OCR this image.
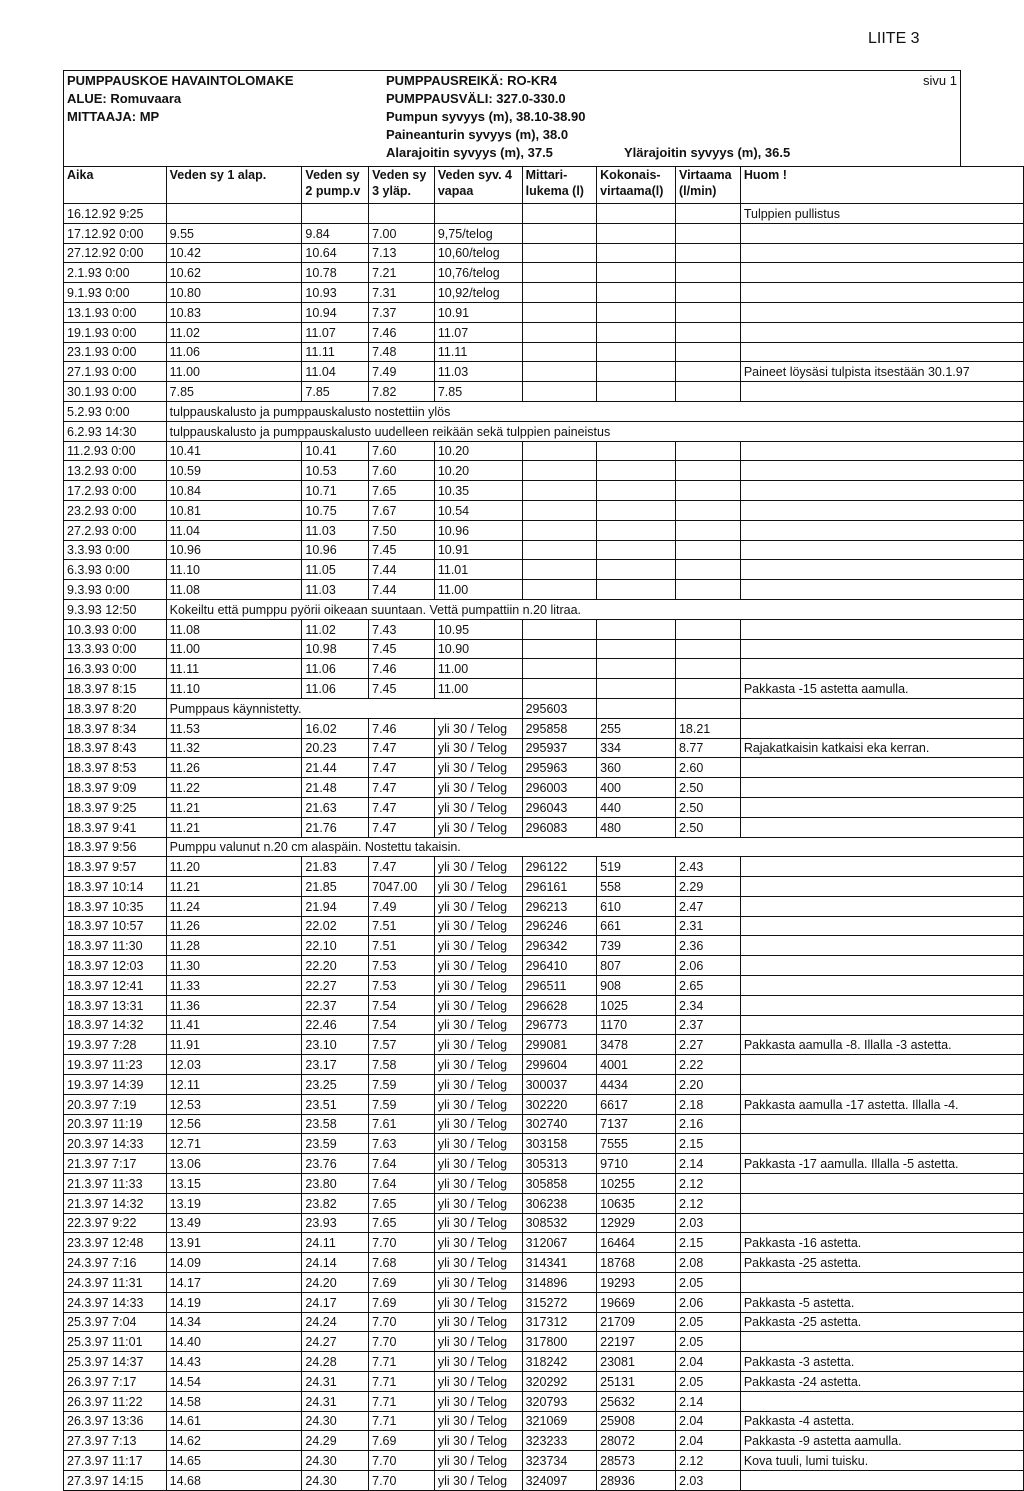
LIITE 3
PUMPPAUSKOE HAVAINTOLOMAKE
ALUE: Romuvaara
MITTAAJA: MP
PUMPPAUSREIKÄ: RO-KR4
PUMPPAUSVÄLI: 327.0-330.0
Pumpun syvyys (m), 38.10-38.90
Paineanturin syvyys (m), 38.0
Alarajoitin syvyys (m), 37.5	Ylärajoitin syvyys (m), 36.5
sivu 1
Aika	Veden sy 1 alap.	Veden sy 2 pump.v	Veden sy 3 yläp.	Veden syv. 4 vapaa	Mittari- lukema (l)	Kokonais- virtaama(l)	Virtaama (l/min)	Huom !
16.12.92 9:25								Tulppien pullistus
17.12.92 0:00	9.55	9.84	7.00	9,75/telog				
27.12.92 0:00	10.42	10.64	7.13	10,60/telog				
2.1.93 0:00	10.62	10.78	7.21	10,76/telog				
9.1.93 0:00	10.80	10.93	7.31	10,92/telog				
13.1.93 0:00	10.83	10.94	7.37	10.91				
19.1.93 0:00	11.02	11.07	7.46	11.07				
23.1.93 0:00	11.06	11.11	7.48	11.11				
27.1.93 0:00	11.00	11.04	7.49	11.03				Paineet löysäsi tulpista itsestään 30.1.97
30.1.93 0:00	7.85	7.85	7.82	7.85				
5.2.93 0:00	tulppauskalusto ja pumppauskalusto nostettiin ylös							
6.2.93 14:30	tulppauskalusto ja pumppauskalusto uudelleen reikään sekä tulppien paineistus							
11.2.93 0:00	10.41	10.41	7.60	10.20				
13.2.93 0:00	10.59	10.53	7.60	10.20				
17.2.93 0:00	10.84	10.71	7.65	10.35				
23.2.93 0:00	10.81	10.75	7.67	10.54				
27.2.93 0:00	11.04	11.03	7.50	10.96				
3.3.93 0:00	10.96	10.96	7.45	10.91				
6.3.93 0:00	11.10	11.05	7.44	11.01				
9.3.93 0:00	11.08	11.03	7.44	11.00				
9.3.93 12:50	Kokeiltu että pumppu pyörii oikeaan suuntaan. Vettä pumpattiin n.20 litraa.							
10.3.93 0:00	11.08	11.02	7.43	10.95				
13.3.93 0:00	11.00	10.98	7.45	10.90				
16.3.93 0:00	11.11	11.06	7.46	11.00				
18.3.97 8:15	11.10	11.06	7.45	11.00				Pakkasta -15 astetta aamulla.
18.3.97 8:20	Pumppaus käynnistetty.				295603			
18.3.97 8:34	11.53	16.02	7.46	yli 30 / Telog	295858	255	18.21	
18.3.97 8:43	11.32	20.23	7.47	yli 30 / Telog	295937	334	8.77	Rajakatkaisin katkaisi eka kerran.
18.3.97 8:53	11.26	21.44	7.47	yli 30 / Telog	295963	360	2.60	
18.3.97 9:09	11.22	21.48	7.47	yli 30 / Telog	296003	400	2.50	
18.3.97 9:25	11.21	21.63	7.47	yli 30 / Telog	296043	440	2.50	
18.3.97 9:41	11.21	21.76	7.47	yli 30 / Telog	296083	480	2.50	
18.3.97 9:56	Pumppu valunut n.20 cm alaspäin. Nostettu takaisin.							
18.3.97 9:57	11.20	21.83	7.47	yli 30 / Telog	296122	519	2.43	
18.3.97 10:14	11.21	21.85	7047.00	yli 30 / Telog	296161	558	2.29	
18.3.97 10:35	11.24	21.94	7.49	yli 30 / Telog	296213	610	2.47	
18.3.97 10:57	11.26	22.02	7.51	yli 30 / Telog	296246	661	2.31	
18.3.97 11:30	11.28	22.10	7.51	yli 30 / Telog	296342	739	2.36	
18.3.97 12:03	11.30	22.20	7.53	yli 30 / Telog	296410	807	2.06	
18.3.97 12:41	11.33	22.27	7.53	yli 30 / Telog	296511	908	2.65	
18.3.97 13:31	11.36	22.37	7.54	yli 30 / Telog	296628	1025	2.34	
18.3.97 14:32	11.41	22.46	7.54	yli 30 / Telog	296773	1170	2.37	
19.3.97 7:28	11.91	23.10	7.57	yli 30 / Telog	299081	3478	2.27	Pakkasta aamulla -8. Illalla -3 astetta.
19.3.97 11:23	12.03	23.17	7.58	yli 30 / Telog	299604	4001	2.22	
19.3.97 14:39	12.11	23.25	7.59	yli 30 / Telog	300037	4434	2.20	
20.3.97 7:19	12.53	23.51	7.59	yli 30 / Telog	302220	6617	2.18	Pakkasta aamulla -17 astetta. Illalla -4.
20.3.97 11:19	12.56	23.58	7.61	yli 30 / Telog	302740	7137	2.16	
20.3.97 14:33	12.71	23.59	7.63	yli 30 / Telog	303158	7555	2.15	
21.3.97 7:17	13.06	23.76	7.64	yli 30 / Telog	305313	9710	2.14	Pakkasta -17 aamulla. Illalla -5 astetta.
21.3.97 11:33	13.15	23.80	7.64	yli 30 / Telog	305858	10255	2.12	
21.3.97 14:32	13.19	23.82	7.65	yli 30 / Telog	306238	10635	2.12	
22.3.97 9:22	13.49	23.93	7.65	yli 30 / Telog	308532	12929	2.03	
23.3.97 12:48	13.91	24.11	7.70	yli 30 / Telog	312067	16464	2.15	Pakkasta -16 astetta.
24.3.97 7:16	14.09	24.14	7.68	yli 30 / Telog	314341	18768	2.08	Pakkasta -25 astetta.
24.3.97 11:31	14.17	24.20	7.69	yli 30 / Telog	314896	19293	2.05	
24.3.97 14:33	14.19	24.17	7.69	yli 30 / Telog	315272	19669	2.06	Pakkasta -5 astetta.
25.3.97 7:04	14.34	24.24	7.70	yli 30 / Telog	317312	21709	2.05	Pakkasta -25 astetta.
25.3.97 11:01	14.40	24.27	7.70	yli 30 / Telog	317800	22197	2.05	
25.3.97 14:37	14.43	24.28	7.71	yli 30 / Telog	318242	23081	2.04	Pakkasta -3 astetta.
26.3.97 7:17	14.54	24.31	7.71	yli 30 / Telog	320292	25131	2.05	Pakkasta -24 astetta.
26.3.97 11:22	14.58	24.31	7.71	yli 30 / Telog	320793	25632	2.14	
26.3.97 13:36	14.61	24.30	7.71	yli 30 / Telog	321069	25908	2.04	Pakkasta -4 astetta.
27.3.97 7:13	14.62	24.29	7.69	yli 30 / Telog	323233	28072	2.04	Pakkasta -9 astetta aamulla.
27.3.97 11:17	14.65	24.30	7.70	yli 30 / Telog	323734	28573	2.12	Kova tuuli, lumi tuisku.
27.3.97 14:15	14.68	24.30	7.70	yli 30 / Telog	324097	28936	2.03	
